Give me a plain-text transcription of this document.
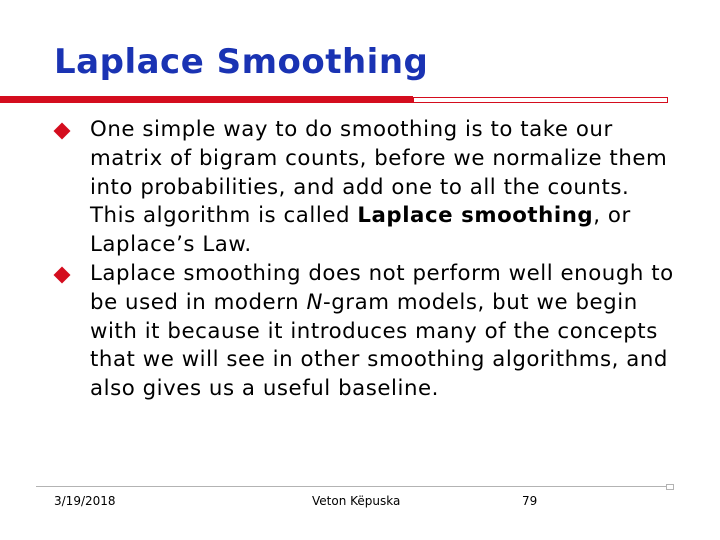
Laplace Smoothing
One simple way to do smoothing is to take our matrix of bigram counts, before we normalize them into probabilities, and add one to all the counts. This algorithm is called Laplace smoothing, or Laplace’s Law.
Laplace smoothing does not perform well enough to be used in modern N-gram models, but we begin with it because it introduces many of the concepts that we will see in other smoothing algorithms, and also gives us a useful baseline.
3/19/2018	Veton Këpuska	79
